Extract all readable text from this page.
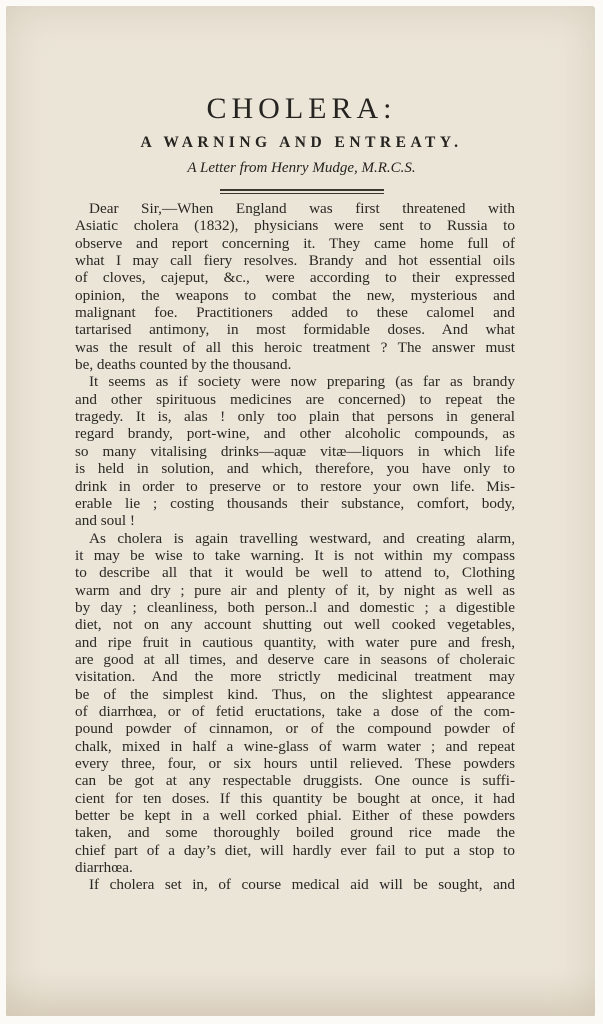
CHOLERA:
A WARNING AND ENTREATY.
A Letter from Henry Mudge, M.R.C.S.
Dear Sir,—When England was first threatened with
Asiatic cholera (1832), physicians were sent to Russia to
observe and report concerning it. They came home full of
what I may call fiery resolves. Brandy and hot essential oils
of cloves, cajeput, &c., were according to their expressed
opinion, the weapons to combat the new, mysterious and
malignant foe. Practitioners added to these calomel and
tartarised antimony, in most formidable doses. And what
was the result of all this heroic treatment ? The answer must
be, deaths counted by the thousand.
It seems as if society were now preparing (as far as brandy
and other spirituous medicines are concerned) to repeat the
tragedy. It is, alas ! only too plain that persons in general
regard brandy, port-wine, and other alcoholic compounds, as
so many vitalising drinks—aquæ vitæ—liquors in which life
is held in solution, and which, therefore, you have only to
drink in order to preserve or to restore your own life. Mis-
erable lie ; costing thousands their substance, comfort, body,
and soul !
As cholera is again travelling westward, and creating alarm,
it may be wise to take warning. It is not within my compass
to describe all that it would be well to attend to, Clothing
warm and dry ; pure air and plenty of it, by night as well as
by day ; cleanliness, both person..l and domestic ; a digestible
diet, not on any account shutting out well cooked vegetables,
and ripe fruit in cautious quantity, with water pure and fresh,
are good at all times, and deserve care in seasons of choleraic
visitation. And the more strictly medicinal treatment may
be of the simplest kind. Thus, on the slightest appearance
of diarrhœa, or of fetid eructations, take a dose of the com-
pound powder of cinnamon, or of the compound powder of
chalk, mixed in half a wine-glass of warm water ; and repeat
every three, four, or six hours until relieved. These powders
can be got at any respectable druggists. One ounce is suffi-
cient for ten doses. If this quantity be bought at once, it had
better be kept in a well corked phial. Either of these powders
taken, and some thoroughly boiled ground rice made the
chief part of a day’s diet, will hardly ever fail to put a stop to
diarrhœa.
If cholera set in, of course medical aid will be sought, and
